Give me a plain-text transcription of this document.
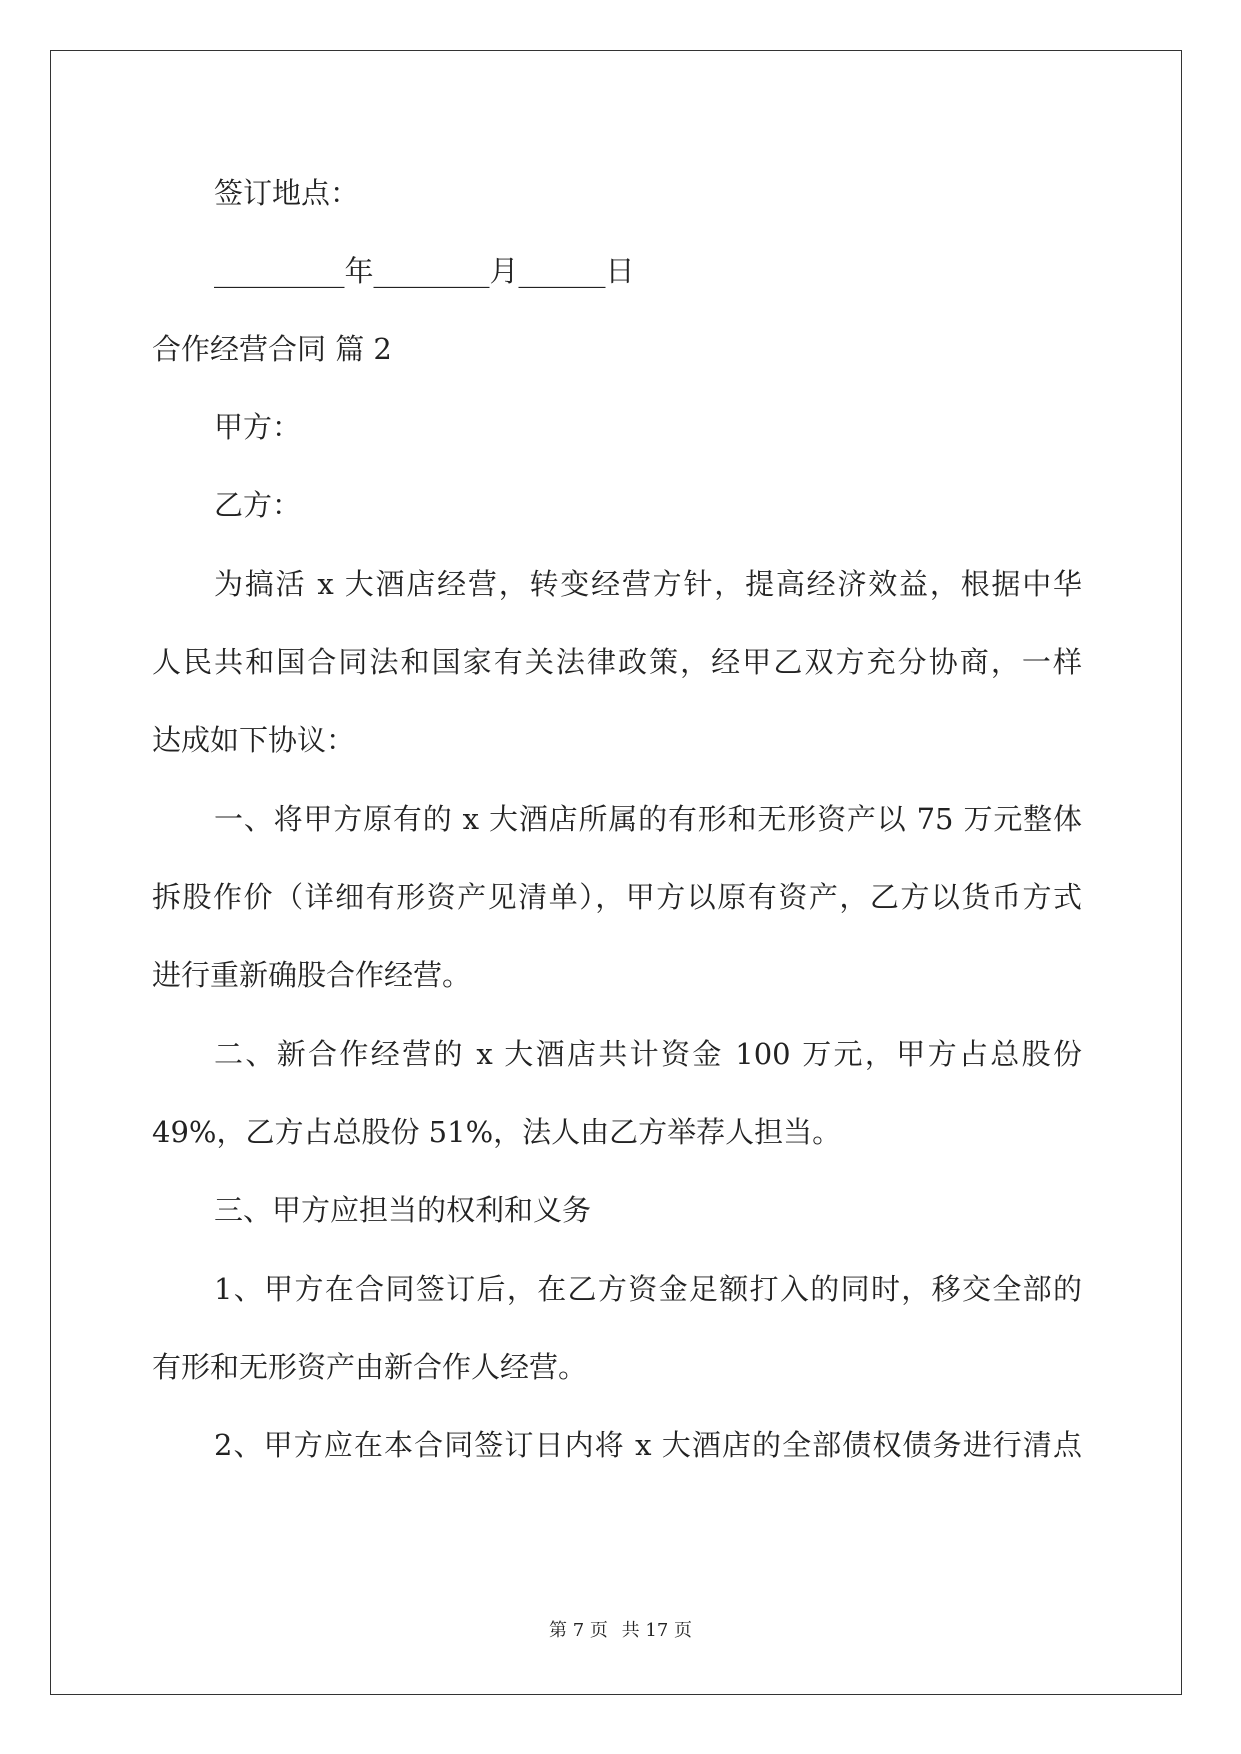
签订地点：
_________年________月______日
合作经营合同 篇 2
甲方：
乙方：
为搞活 x 大酒店经营，转变经营方针，提高经济效益，根据中华
人民共和国合同法和国家有关法律政策，经甲乙双方充分协商，一样
达成如下协议：
一、将甲方原有的 x 大酒店所属的有形和无形资产以 75 万元整体
拆股作价（详细有形资产见清单），甲方以原有资产，乙方以货币方式
进行重新确股合作经营。
二、新合作经营的 x 大酒店共计资金 100 万元，甲方占总股份
49%，乙方占总股份 51%，法人由乙方举荐人担当。
三、甲方应担当的权利和义务
1、甲方在合同签订后，在乙方资金足额打入的同时，移交全部的
有形和无形资产由新合作人经营。
2、甲方应在本合同签订日内将 x 大酒店的全部债权债务进行清点
第 7 页 共 17 页
